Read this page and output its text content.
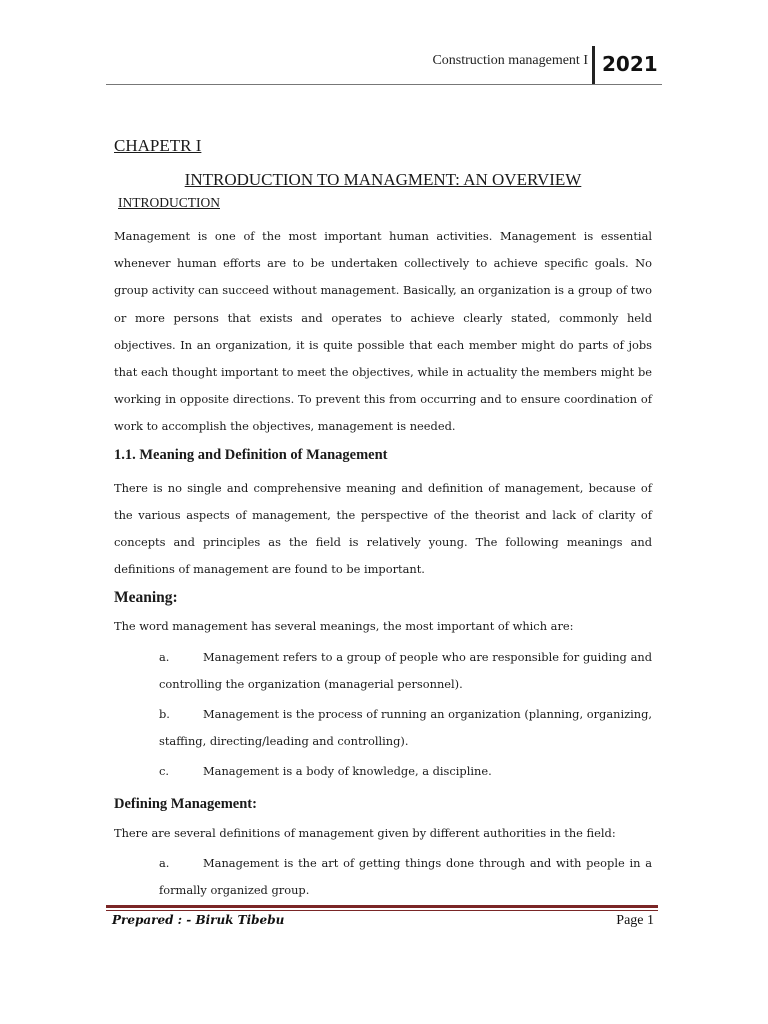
Construction management I 2021
CHAPETR I
INTRODUCTION TO MANAGMENT: AN OVERVIEW
INTRODUCTION

Management is one of the most important human activities. Management is essential whenever human efforts are to be undertaken collectively to achieve specific goals. No group activity can succeed without management. Basically, an organization is a group of two or more persons that exists and operates to achieve clearly stated, commonly held objectives. In an organization, it is quite possible that each member might do parts of jobs that each thought important to meet the objectives, while in actuality the members might be working in opposite directions. To prevent this from occurring and to ensure coordination of work to accomplish the objectives, management is needed.

1.1. Meaning and Definition of Management

There is no single and comprehensive meaning and definition of management, because of the various aspects of management, the perspective of the theorist and lack of clarity of concepts and principles as the field is relatively young. The following meanings and definitions of management are found to be important.

Meaning:

The word management has several meanings, the most important of which are:

a.	Management refers to a group of people who are responsible for guiding and controlling the organization (managerial personnel).
b.	Management is the process of running an organization (planning, organizing, staffing, directing/leading and controlling).
c.	Management is a body of knowledge, a discipline.
Defining Management:

There are several definitions of management given by different authorities in the field:

a.	Management is the art of getting things done through and with people in a formally organized group.
Prepared : - Biruk Tibebu	Page 1
